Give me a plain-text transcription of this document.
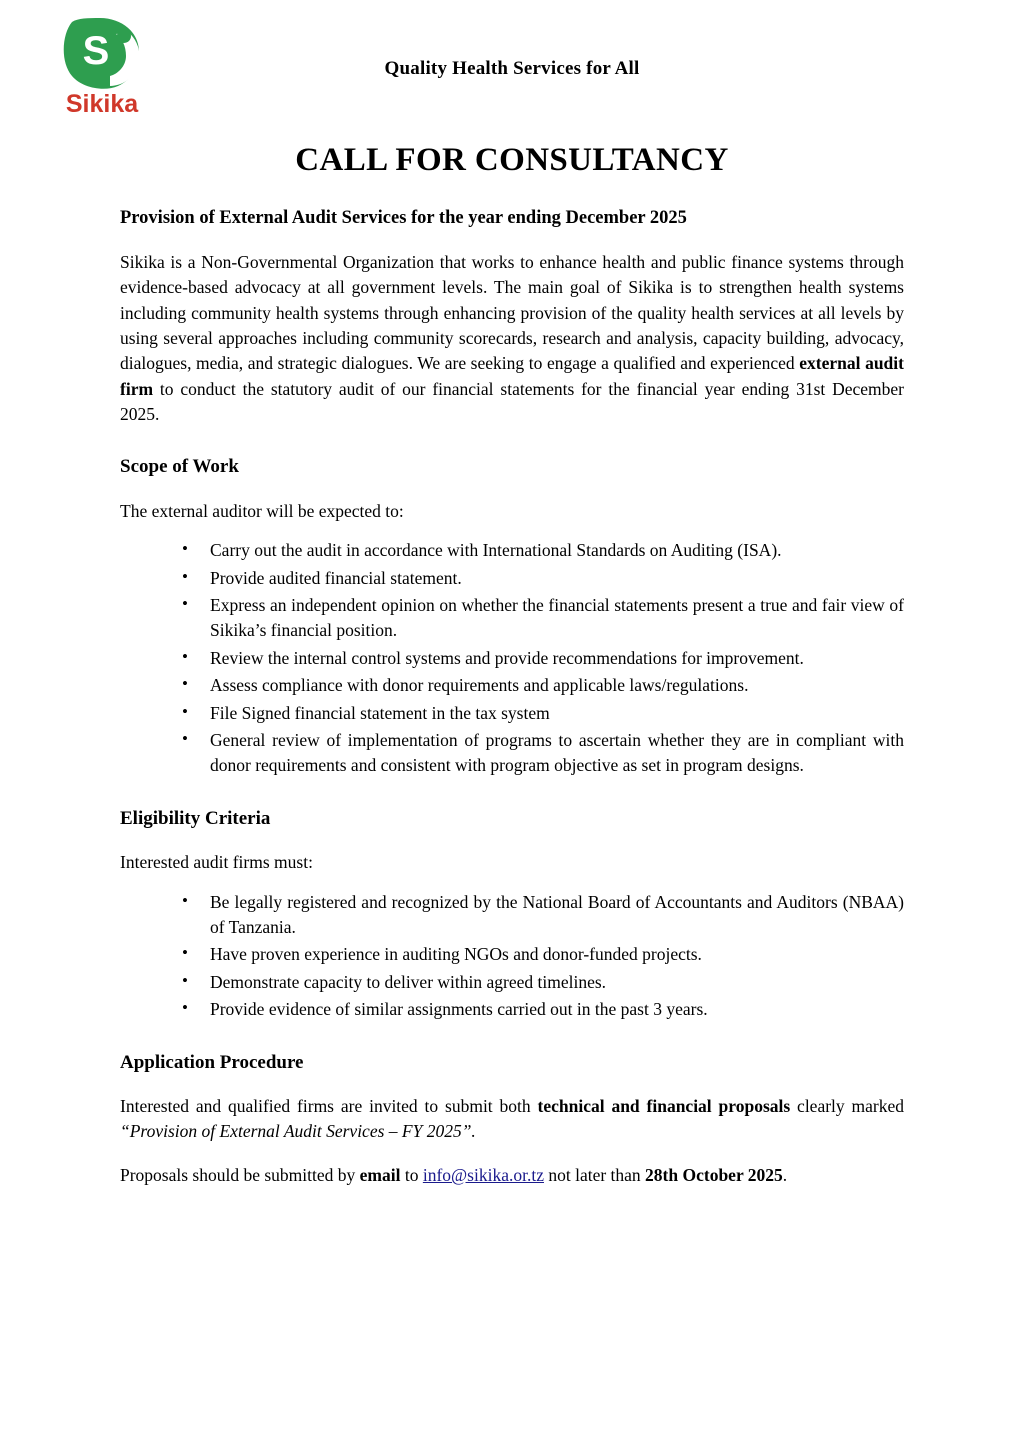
S
Sikika
Quality Health Services for All
CALL FOR CONSULTANCY
Provision of External Audit Services for the year ending December 2025

Sikika is a Non-Governmental Organization that works to enhance health and public finance systems through evidence-based advocacy at all government levels. The main goal of Sikika is to strengthen health systems including community health systems through enhancing provision of the quality health services at all levels by using several approaches including community scorecards, research and analysis, capacity building, advocacy, dialogues, media, and strategic dialogues. We are seeking to engage a qualified and experienced external audit firm to conduct the statutory audit of our financial statements for the financial year ending 31st December 2025.

Scope of Work

The external auditor will be expected to:

• Carry out the audit in accordance with International Standards on Auditing (ISA).
• Provide audited financial statement.
• Express an independent opinion on whether the financial statements present a true and fair view of Sikika’s financial position.
• Review the internal control systems and provide recommendations for improvement.
• Assess compliance with donor requirements and applicable laws/regulations.
• File Signed financial statement in the tax system
• General review of implementation of programs to ascertain whether they are in compliant with donor requirements and consistent with program objective as set in program designs.
Eligibility Criteria

Interested audit firms must:

• Be legally registered and recognized by the National Board of Accountants and Auditors (NBAA) of Tanzania.
• Have proven experience in auditing NGOs and donor-funded projects.
• Demonstrate capacity to deliver within agreed timelines.
• Provide evidence of similar assignments carried out in the past 3 years.
Application Procedure

Interested and qualified firms are invited to submit both technical and financial proposals clearly marked “Provision of External Audit Services – FY 2025”.

Proposals should be submitted by email to info@sikika.or.tz not later than 28th October 2025.
